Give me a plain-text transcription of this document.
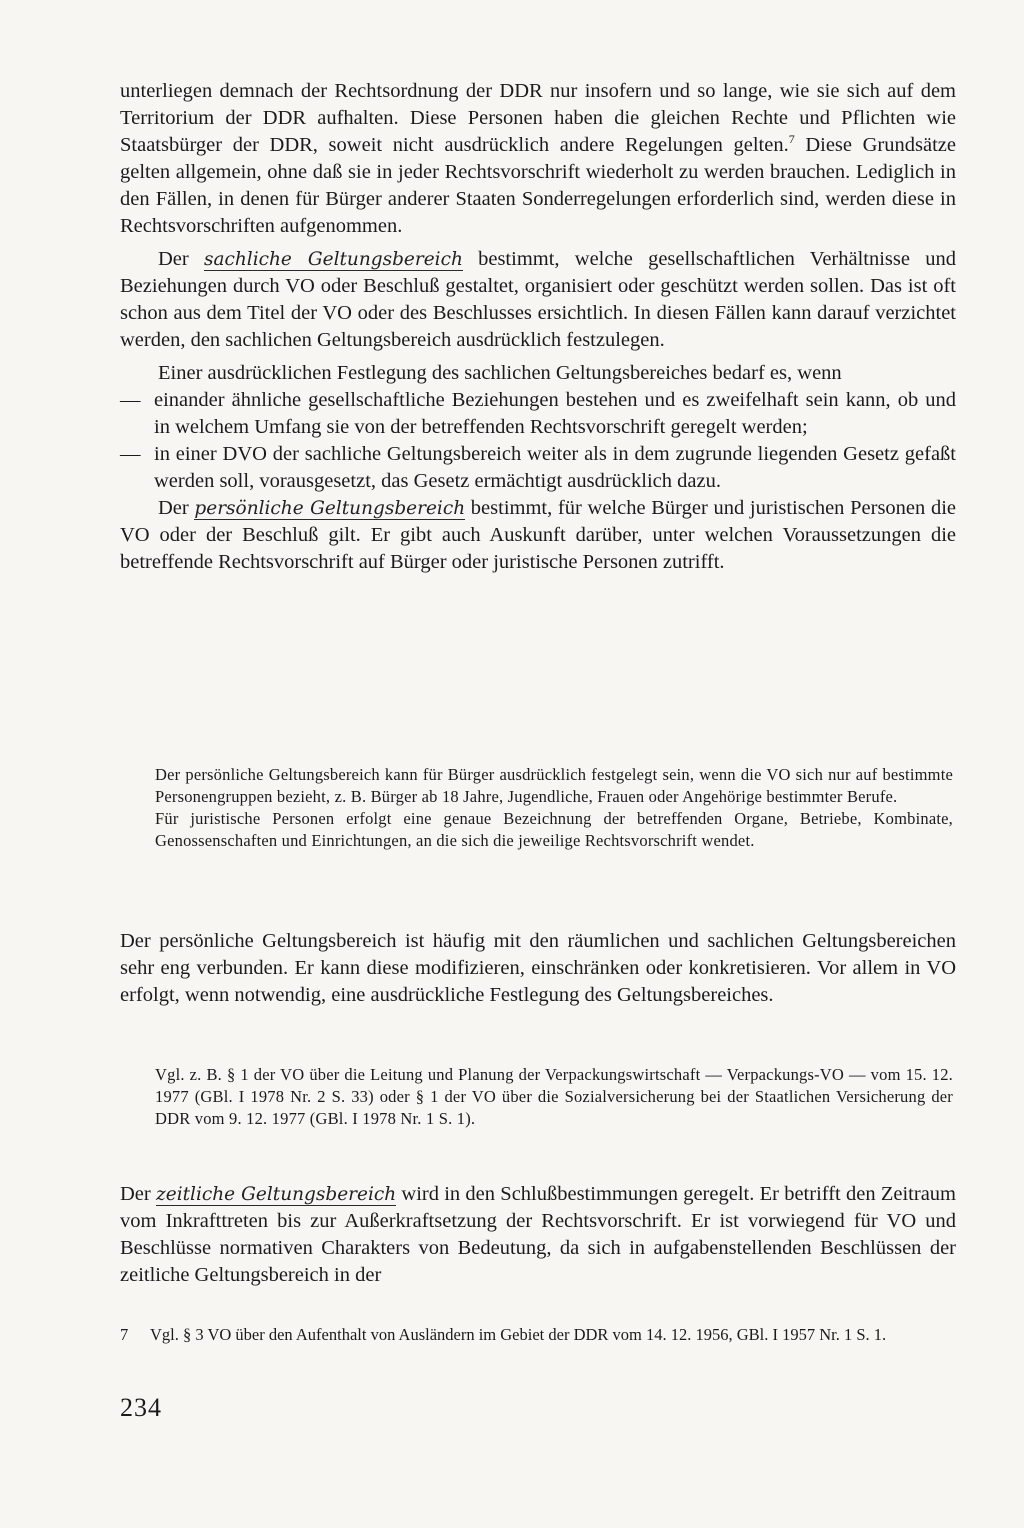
unterliegen demnach der Rechtsordnung der DDR nur insofern und so lange, wie sie sich auf dem Territorium der DDR aufhalten. Diese Personen haben die gleichen Rechte und Pflichten wie Staatsbürger der DDR, soweit nicht ausdrücklich andere Regelungen gelten.$^7$ Diese Grundsätze gelten allgemein, ohne daß sie in jeder Rechtsvorschrift wiederholt zu werden brauchen. Lediglich in den Fällen, in denen für Bürger anderer Staaten Sonderregelungen erforderlich sind, werden diese in Rechtsvorschriften aufgenommen.

Der sachliche Geltungsbereich bestimmt, welche gesellschaftlichen Verhältnisse und Beziehungen durch VO oder Beschluß gestaltet, organisiert oder geschützt werden sollen. Das ist oft schon aus dem Titel der VO oder des Beschlusses ersichtlich. In diesen Fällen kann darauf verzichtet werden, den sachlichen Geltungsbereich ausdrücklich festzulegen.

Einer ausdrücklichen Festlegung des sachlichen Geltungsbereiches bedarf es, wenn

— einander ähnliche gesellschaftliche Beziehungen bestehen und es zweifelhaft sein kann, ob und in welchem Umfang sie von der betreffenden Rechtsvorschrift geregelt werden;
— in einer DVO der sachliche Geltungsbereich weiter als in dem zugrunde liegenden Gesetz gefaßt werden soll, vorausgesetzt, das Gesetz ermächtigt ausdrücklich dazu.

Der persönliche Geltungsbereich bestimmt, für welche Bürger und juristischen Personen die VO oder der Beschluß gilt. Er gibt auch Auskunft darüber, unter welchen Voraussetzungen die betreffende Rechtsvorschrift auf Bürger oder juristische Personen zutrifft.

Der persönliche Geltungsbereich kann für Bürger ausdrücklich festgelegt sein, wenn die VO sich nur auf bestimmte Personengruppen bezieht, z. B. Bürger ab 18 Jahre, Jugendliche, Frauen oder Angehörige bestimmter Berufe.

Für juristische Personen erfolgt eine genaue Bezeichnung der betreffenden Organe, Betriebe, Kombinate, Genossenschaften und Einrichtungen, an die sich die jeweilige Rechtsvorschrift wendet.

Der persönliche Geltungsbereich ist häufig mit den räumlichen und sachlichen Geltungsbereichen sehr eng verbunden. Er kann diese modifizieren, einschränken oder konkretisieren. Vor allem in VO erfolgt, wenn notwendig, eine ausdrückliche Festlegung des Geltungsbereiches.

Vgl. z. B. § 1 der VO über die Leitung und Planung der Verpackungswirtschaft — Verpackungs-VO — vom 15. 12. 1977 (GBl. I 1978 Nr. 2 S. 33) oder § 1 der VO über die Sozialversicherung bei der Staatlichen Versicherung der DDR vom 9. 12. 1977 (GBl. I 1978 Nr. 1 S. 1).

Der zeitliche Geltungsbereich wird in den Schlußbestimmungen geregelt. Er betrifft den Zeitraum vom Inkrafttreten bis zur Außerkraftsetzung der Rechtsvorschrift. Er ist vorwiegend für VO und Beschlüsse normativen Charakters von Bedeutung, da sich in aufgabenstellenden Beschlüssen der zeitliche Geltungsbereich in der

7	Vgl. § 3 VO über den Aufenthalt von Ausländern im Gebiet der DDR vom 14. 12. 1956, GBl. I 1957 Nr. 1 S. 1.
234
